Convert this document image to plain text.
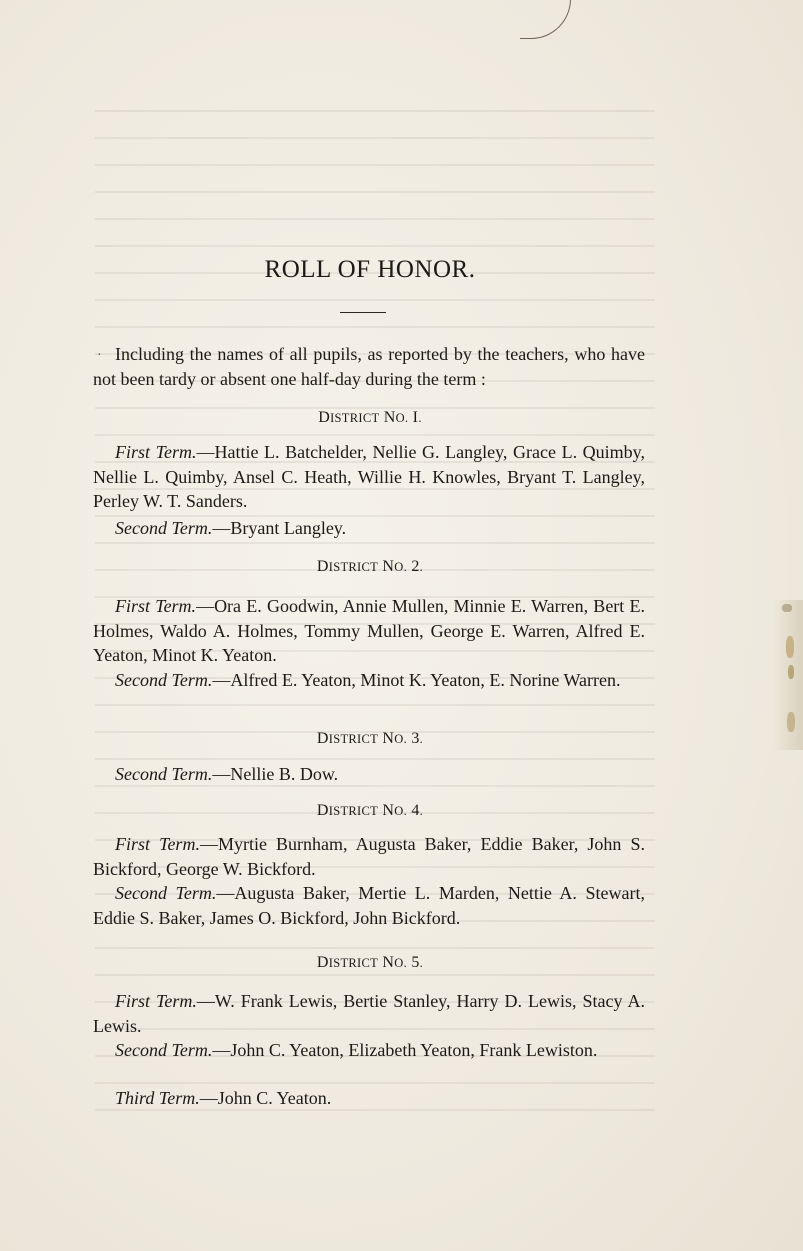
ROLL OF HONOR.
· Including the names of all pupils, as reported by the teachers, who have not been tardy or absent one half-day during the term :
DISTRICT NO. I.
First Term.—Hattie L. Batchelder, Nellie G. Langley, Grace L. Quimby, Nellie L. Quimby, Ansel C. Heath, Willie H. Knowles, Bryant T. Langley, Perley W. T. Sanders.
Second Term.—Bryant Langley.
DISTRICT NO. 2.
First Term.—Ora E. Goodwin, Annie Mullen, Minnie E. Warren, Bert E. Holmes, Waldo A. Holmes, Tommy Mullen, George E. Warren, Alfred E. Yeaton, Minot K. Yeaton.
Second Term.—Alfred E. Yeaton, Minot K. Yeaton, E. Norine Warren.
DISTRICT NO. 3.
Second Term.—Nellie B. Dow.
DISTRICT NO. 4.
First Term.—Myrtie Burnham, Augusta Baker, Eddie Baker, John S. Bickford, George W. Bickford.
Second Term.—Augusta Baker, Mertie L. Marden, Nettie A. Stewart, Eddie S. Baker, James O. Bickford, John Bickford.
DISTRICT NO. 5.
First Term.—W. Frank Lewis, Bertie Stanley, Harry D. Lewis, Stacy A. Lewis.
Second Term.—John C. Yeaton, Elizabeth Yeaton, Frank Lewiston.
Third Term.—John C. Yeaton.
